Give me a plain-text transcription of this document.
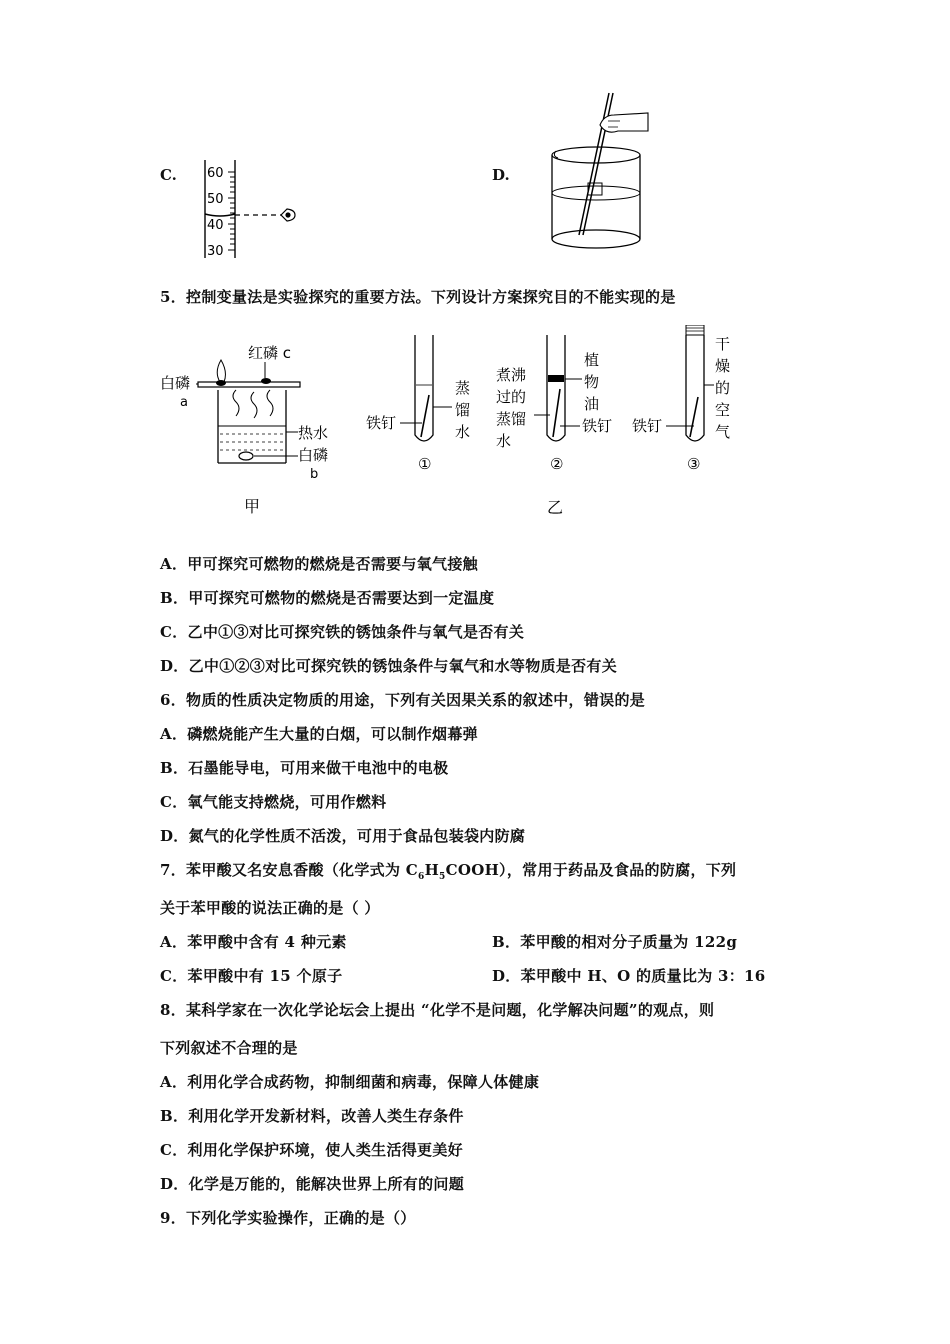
C. 60
50
40
30
D.
5．控制变量法是实验探究的重要方法。下列设计方案探究目的不能实现的是
红磷 c
白磷
a
热水
白磷
b
甲
蒸
馏
水
铁钉
①
植
物
油
铁钉
煮沸
过的
蒸馏
水
②
干
燥
的
空
气
铁钉
③
乙
A．甲可探究可燃物的燃烧是否需要与氧气接触
B．甲可探究可燃物的燃烧是否需要达到一定温度
C．乙中①③对比可探究铁的锈蚀条件与氧气是否有关
D．乙中①②③对比可探究铁的锈蚀条件与氧气和水等物质是否有关
6．物质的性质决定物质的用途，下列有关因果关系的叙述中，错误的是
A．磷燃烧能产生大量的白烟，可以制作烟幕弹
B．石墨能导电，可用来做干电池中的电极
C．氧气能支持燃烧，可用作燃料
D．氮气的化学性质不活泼，可用于食品包装袋内防腐
7．苯甲酸又名安息香酸（化学式为 $C_6H_5COOH$），常用于药品及食品的防腐，下列
关于苯甲酸的说法正确的是（ ）
A．苯甲酸中含有 4 种元素	B．苯甲酸的相对分子质量为 122g
C．苯甲酸中有 15 个原子	D．苯甲酸中 H、O 的质量比为 3：16
8．某科学家在一次化学论坛会上提出 “化学不是问题，化学解决问题”的观点，则
下列叙述不合理的是
A．利用化学合成药物，抑制细菌和病毒，保障人体健康
B．利用化学开发新材料，改善人类生存条件
C．利用化学保护环境，使人类生活得更美好
D．化学是万能的，能解决世界上所有的问题
9．下列化学实验操作，正确的是（）
